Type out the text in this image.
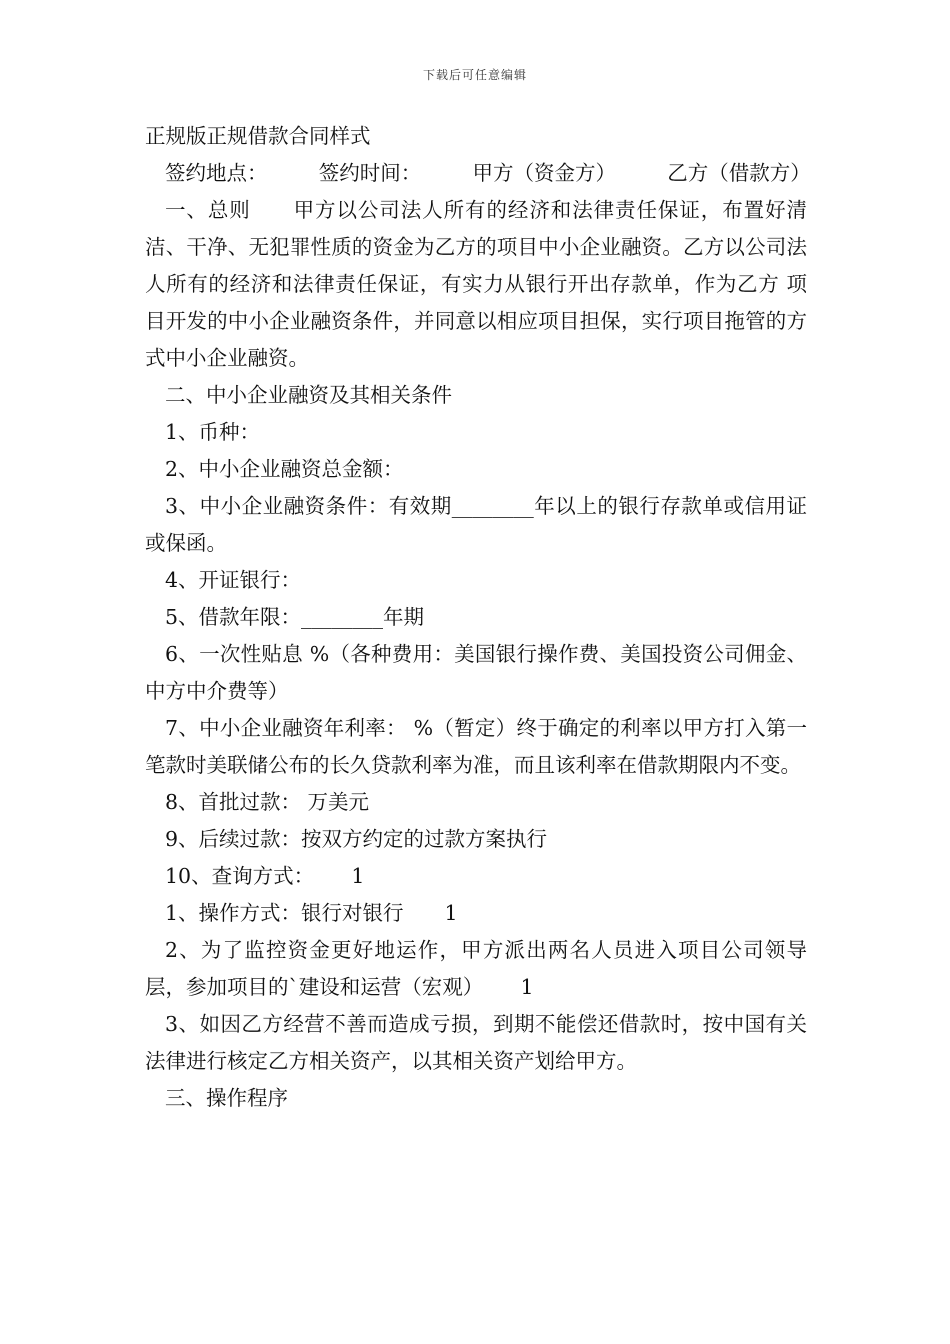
下载后可任意编辑

正规版正规借款合同样式

签约地点：　　　签约时间：　　　甲方（资金方）　　　乙方（借款方）

一、总则　　甲方以公司法人所有的经济和法律责任保证，布置好清洁、干净、无犯罪性质的资金为乙方的项目中小企业融资。乙方以公司法人所有的经济和法律责任保证，有实力从银行开出存款单，作为乙方 项目开发的中小企业融资条件，并同意以相应项目担保，实行项目拖管的方式中小企业融资。

二、中小企业融资及其相关条件

1、币种：

2、中小企业融资总金额：

3、中小企业融资条件：有效期________年以上的银行存款单或信用证或保函。

4、开证银行：

5、借款年限：________年期

6、一次性贴息 %（各种费用：美国银行操作费、美国投资公司佣金、中方中介费等）

7、中小企业融资年利率： %（暂定）终于确定的利率以甲方打入第一笔款时美联储公布的长久贷款利率为准，而且该利率在借款期限内不变。

8、首批过款： 万美元

9、后续过款：按双方约定的过款方案执行

10、查询方式：　　 1

1、操作方式：银行对银行　　1

2、为了监控资金更好地运作，甲方派出两名人员进入项目公司领导层，参加项目的`建设和运营（宏观）　　 1

3、如因乙方经营不善而造成亏损，到期不能偿还借款时，按中国有关法律进行核定乙方相关资产，以其相关资产划给甲方。

三、操作程序
